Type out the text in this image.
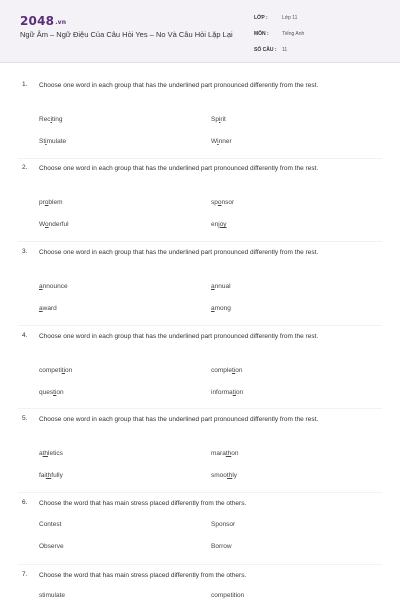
2048.vn
Ngữ Âm – Ngữ Điệu Của Câu Hỏi Yes – No Và Câu Hỏi Lặp Lại
LỚP :	Lớp 11
MÔN :	Tiếng Anh
SỐ CÂU :	11
1. Choose one word in each group that has the underlined part pronounced differently from the rest.
Reciting	Spirit
Stimulate	Winner
2. Choose one word in each group that has the underlined part pronounced differently from the rest.
problem	sponsor
Wonderful	enjoy
3. Choose one word in each group that has the underlined part pronounced differently from the rest.
announce	annual
award	among
4. Choose one word in each group that has the underlined part pronounced differently from the rest.
competition	completion
question	information
5. Choose one word in each group that has the underlined part pronounced differently from the rest.
athletics	marathon
faithfully	smoothly
6. Choose the word that has main stress placed differently from the others.
Contest	Sponsor
Observe	Borrow
7. Choose the word that has main stress placed differently from the others.
stimulate	competition
